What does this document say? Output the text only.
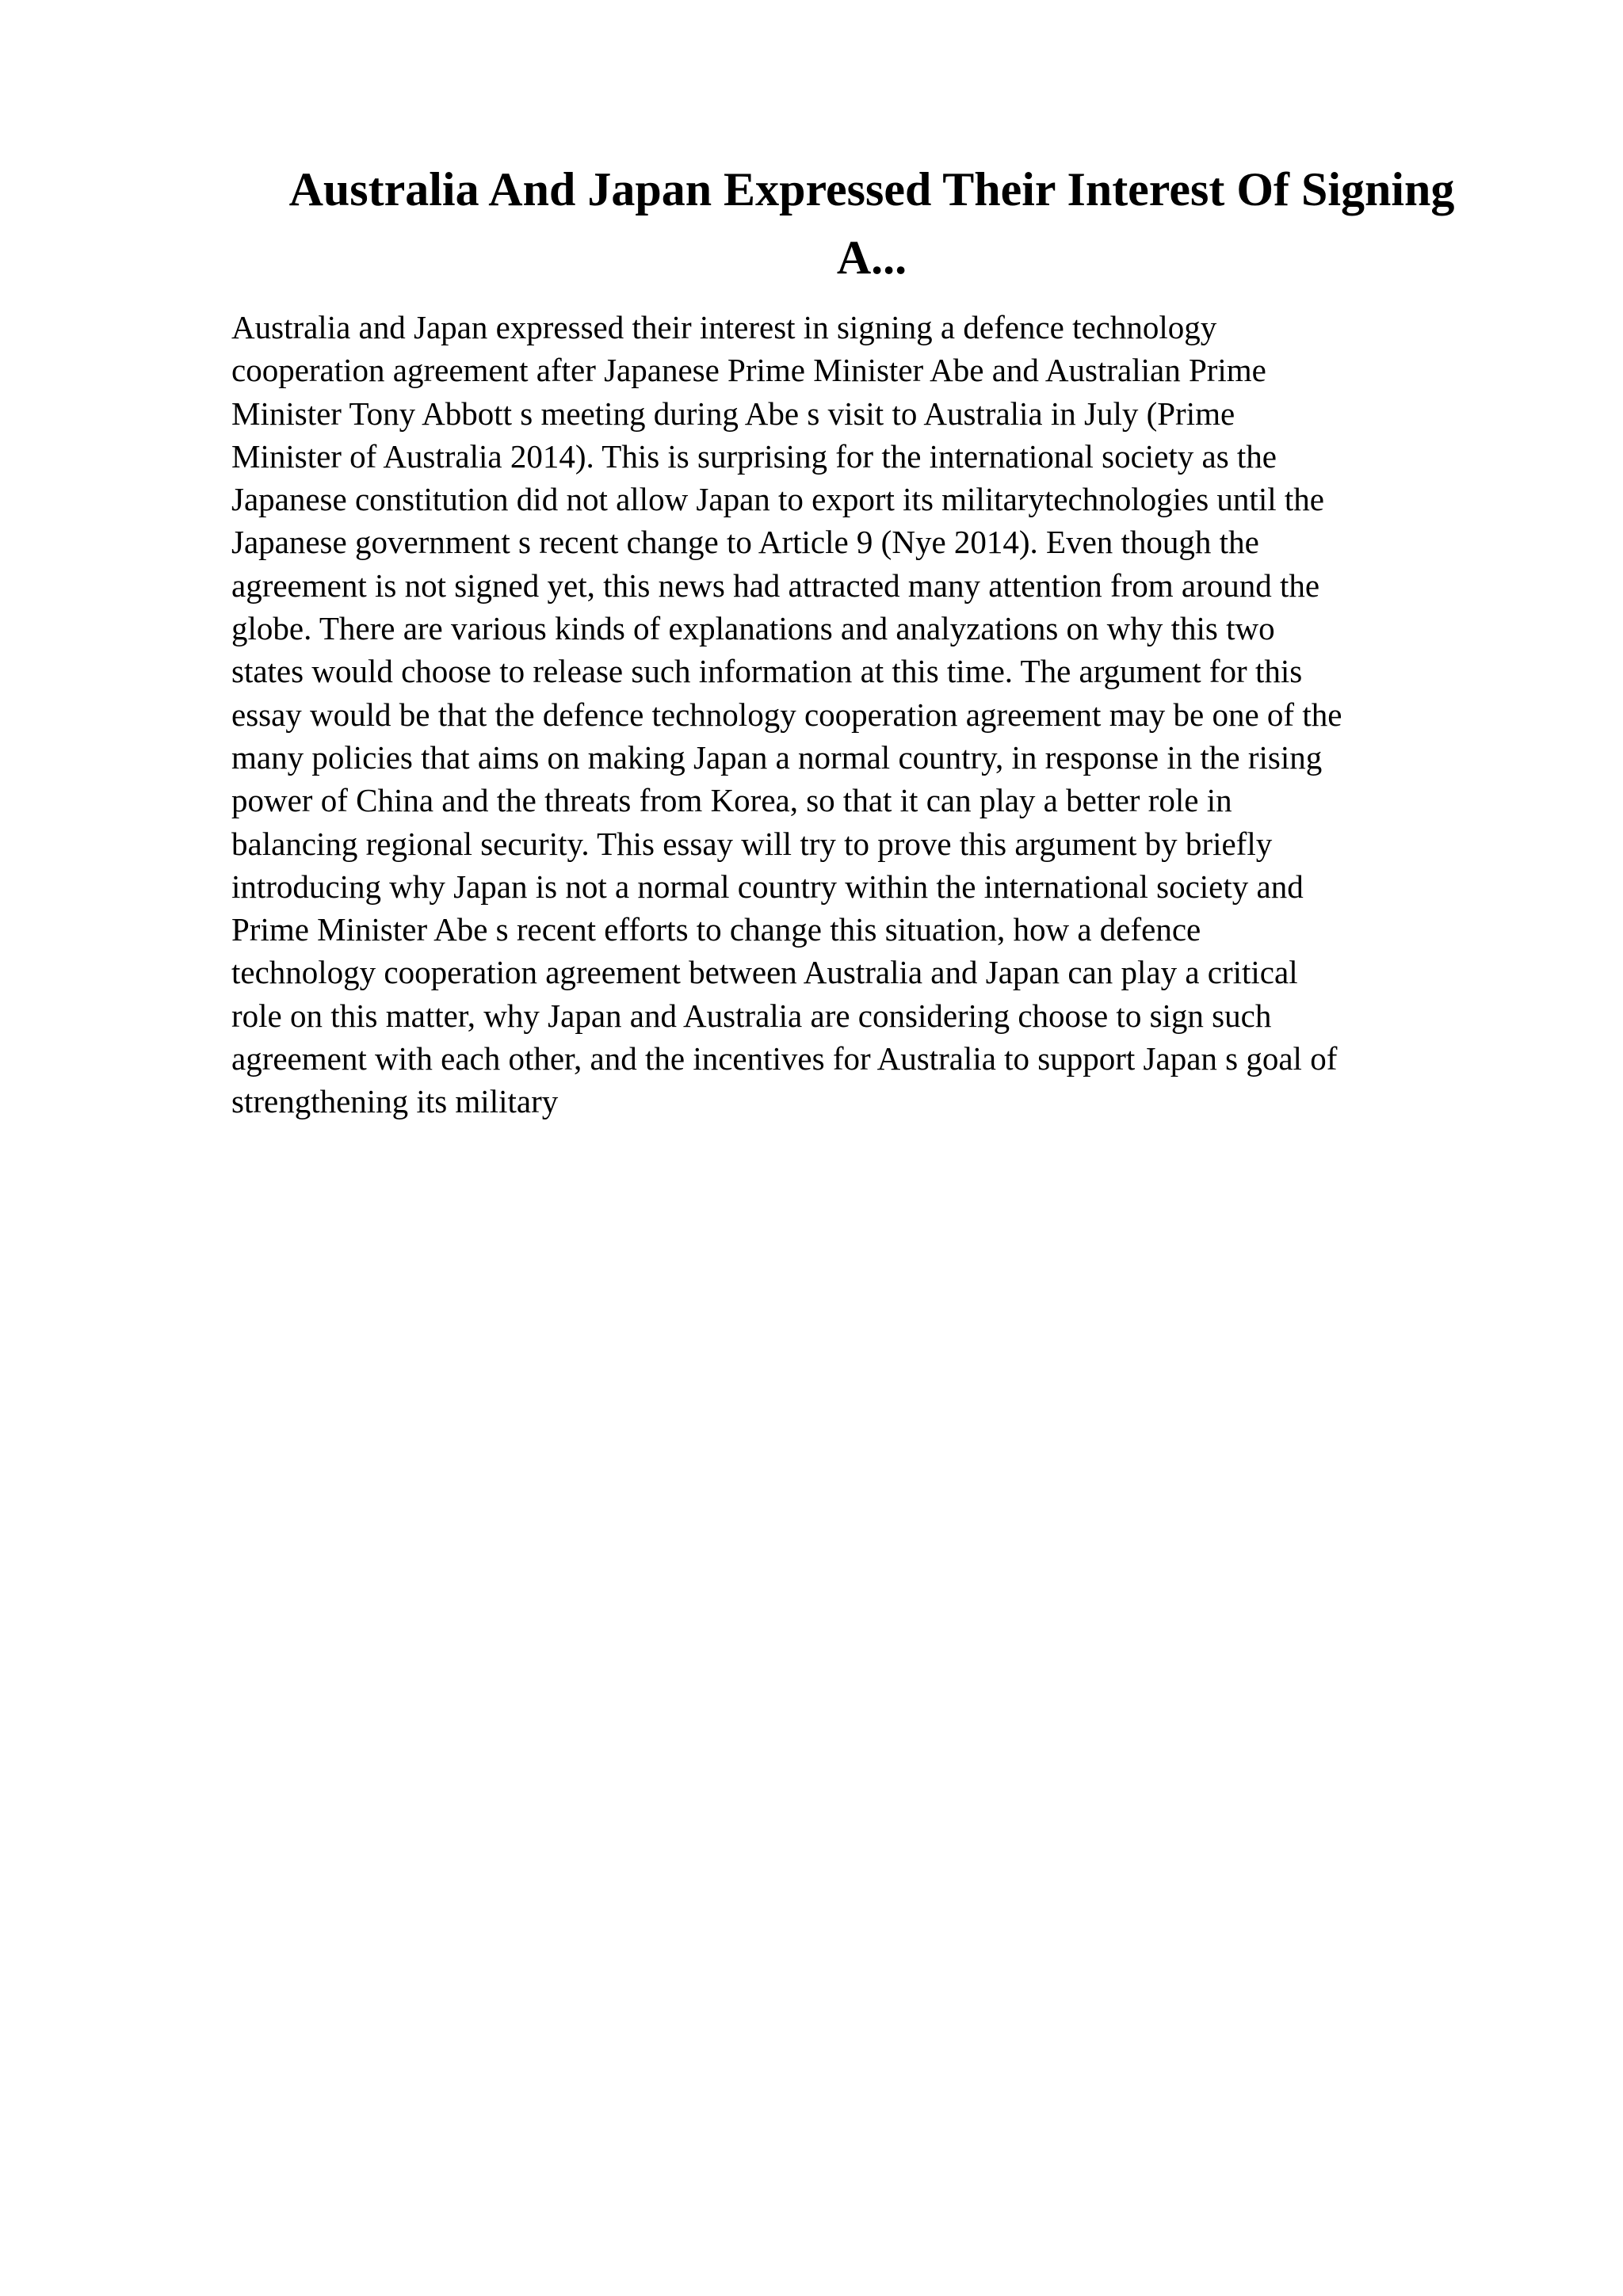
Australia And Japan Expressed Their Interest Of Signing
A...

Australia and Japan expressed their interest in signing a defence technology
cooperation agreement after Japanese Prime Minister Abe and Australian Prime
Minister Tony Abbott s meeting during Abe s visit to Australia in July (Prime
Minister of Australia 2014). This is surprising for the international society as the
Japanese constitution did not allow Japan to export its militarytechnologies until the
Japanese government s recent change to Article 9 (Nye 2014). Even though the
agreement is not signed yet, this news had attracted many attention from around the
globe. There are various kinds of explanations and analyzations on why this two
states would choose to release such information at this time. The argument for this
essay would be that the defence technology cooperation agreement may be one of the
many policies that aims on making Japan a normal country, in response in the rising
power of China and the threats from Korea, so that it can play a better role in
balancing regional security. This essay will try to prove this argument by briefly
introducing why Japan is not a normal country within the international society and
Prime Minister Abe s recent efforts to change this situation, how a defence
technology cooperation agreement between Australia and Japan can play a critical
role on this matter, why Japan and Australia are considering choose to sign such
agreement with each other, and the incentives for Australia to support Japan s goal of
strengthening its military
